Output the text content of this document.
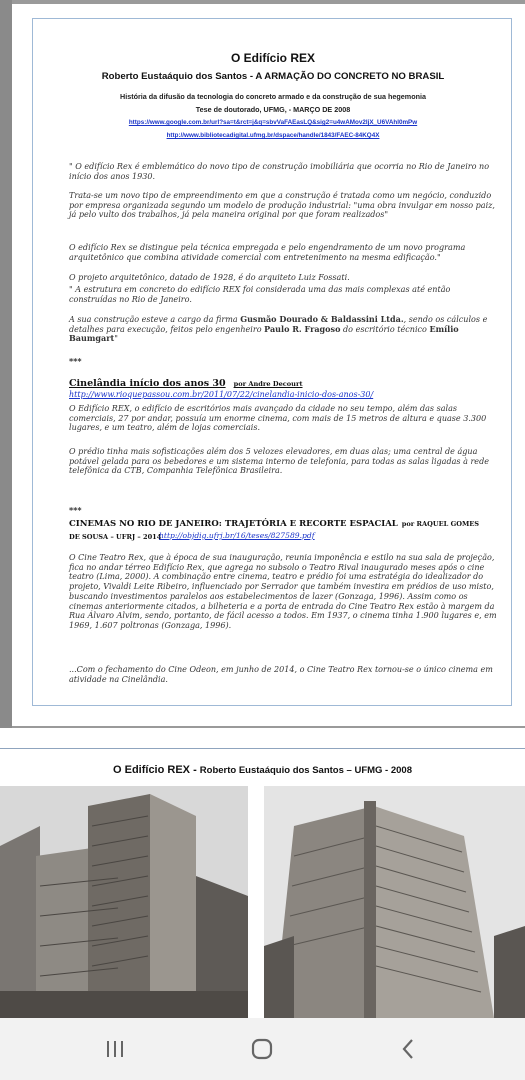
O Edifício REX
Roberto Eustaáquio dos Santos - A ARMAÇÃO DO CONCRETO NO BRASIL
História da difusão da tecnologia do concreto armado e da construção de sua hegemonia
Tese de doutorado, UFMG, - MARÇO DE 2008
https://www.google.com.br/url?sa=t&rct=j&q=sbvVaFAEasLQ&sig2=u4wAMov2IjX_U6VAhl0mPw
http://www.bibliotecadigital.ufmg.br/dspace/handle/1843/FAEC-84KQ4X
" O edifício Rex é emblemático do novo tipo de construção imobiliária que ocorria no Rio de Janeiro no início dos anos 1930.
Trata-se um novo tipo de empreendimento em que a construção é tratada como um negócio, conduzido por empresa organizada segundo um modelo de produção industrial: "uma obra invulgar em nosso paiz, já pelo vulto dos trabalhos, já pela maneira original por que foram realizados"
O edifício Rex se distingue pela técnica empregada e pelo engendramento de um novo programa arquitetônico que combina atividade comercial com entretenimento na mesma edificação."
O projeto arquitetônico, datado de 1928, é do arquiteto Luiz Fossati.
" A estrutura em concreto do edifício REX foi considerada uma das mais complexas até então construídas no Rio de Janeiro.
A sua construção esteve a cargo da firma Gusmão Dourado & Baldassini Ltda., sendo os cálculos e detalhes para execução, feitos pelo engenheiro Paulo R. Fragoso do escritório técnico Emílio Baumgart"
***
Cinelândia início dos anos 30 por Andre Decourt
http://www.rioquepassou.com.br/2011/07/22/cinelandia-inicio-dos-anos-30/
O Edifício REX, o edifício de escritórios mais avançado da cidade no seu tempo, além das salas comerciais, 27 por andar, possuía um enorme cinema, com mais de 15 metros de altura e quase 3.300 lugares, e um teatro, além de lojas comerciais.
O prédio tinha mais sofisticações além dos 5 velozes elevadores, em duas alas; uma central de água potável gelada para os bebedores e um sistema interno de telefonia, para todas as salas ligadas à rede telefônica da CTB, Companhia Telefônica Brasileira.
***
CINEMAS NO RIO DE JANEIRO: TRAJETÓRIA E RECORTE ESPACIAL por RAQUEL GOMES
DE SOUSA – UFRJ – 2014
http://objdig.ufrj.br/16/teses/827589.pdf
O Cine Teatro Rex, que à época de sua inauguração, reunia imponência e estilo na sua sala de projeção, fica no andar térreo Edifício Rex, que agrega no subsolo o Teatro Rival inaugurado meses após o cine teatro (Lima, 2000). A combinação entre cinema, teatro e prédio foi uma estratégia do idealizador do projeto, Vivaldi Leite Ribeiro, influenciado por Serrador que também investira em prédios de uso misto, buscando investimentos paralelos aos estabelecimentos de lazer (Gonzaga, 1996). Assim como os cinemas anteriormente citados, a bilheteria e a porta de entrada do Cine Teatro Rex estão à margem da Rua Álvaro Alvim, sendo, portanto, de fácil acesso a todos. Em 1937, o cinema tinha 1.900 lugares e, em 1969, 1.607 poltronas (Gonzaga, 1996).
...Com o fechamento do Cine Odeon, em junho de 2014, o Cine Teatro Rex tornou-se o único cinema em atividade na Cinelândia.
O Edifício REX - Roberto Eustaáquio dos Santos – UFMG - 2008
